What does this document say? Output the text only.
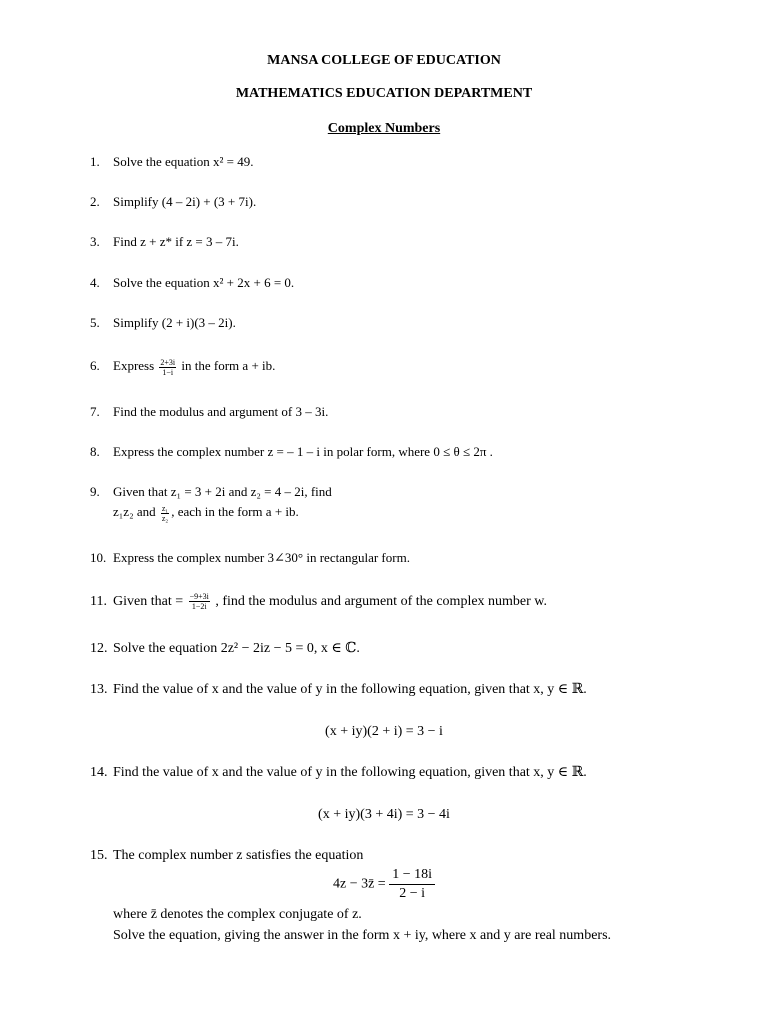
MANSA COLLEGE OF EDUCATION
MATHEMATICS EDUCATION DEPARTMENT
Complex Numbers
1. Solve the equation x² = 49.
2. Simplify (4 – 2i) + (3 + 7i).
3. Find z + z* if z = 3 – 7i.
4. Solve the equation x² + 2x + 6 = 0.
5. Simplify (2 + i)(3 – 2i).
6. Express $\frac{2+3i}{1-i}$ in the form a + ib.
7. Find the modulus and argument of 3 – 3i.
8. Express the complex number z = – 1 – i in polar form, where 0 ≤ θ ≤ 2π .
9. Given that z₁ = 3 + 2i and z₂ = 4 – 2i, find
z₁z₂ and $\frac{\text{z₁}}{\text{z₂}}$ , each in the form a + ib.
10. Express the complex number 3∠30° in rectangular form.
11. Given that = $\frac{-9+3i}{1-2i}$ , find the modulus and argument of the complex number w.
12. Solve the equation 2z² − 2iz − 5 = 0, x ∈ ℂ.
13. Find the value of x and the value of y in the following equation, given that x, y ∈ ℝ.
(x + iy)(2 + i) = 3 − i
14. Find the value of x and the value of y in the following equation, given that x, y ∈ ℝ.
(x + iy)(3 + 4i) = 3 − 4i
15. The complex number z satisfies the equation
4z − 3z̄ = $\frac{1 - 18i}{2 - i}$
where z̄ denotes the complex conjugate of z.
Solve the equation, giving the answer in the form x + iy, where x and y are real numbers.
